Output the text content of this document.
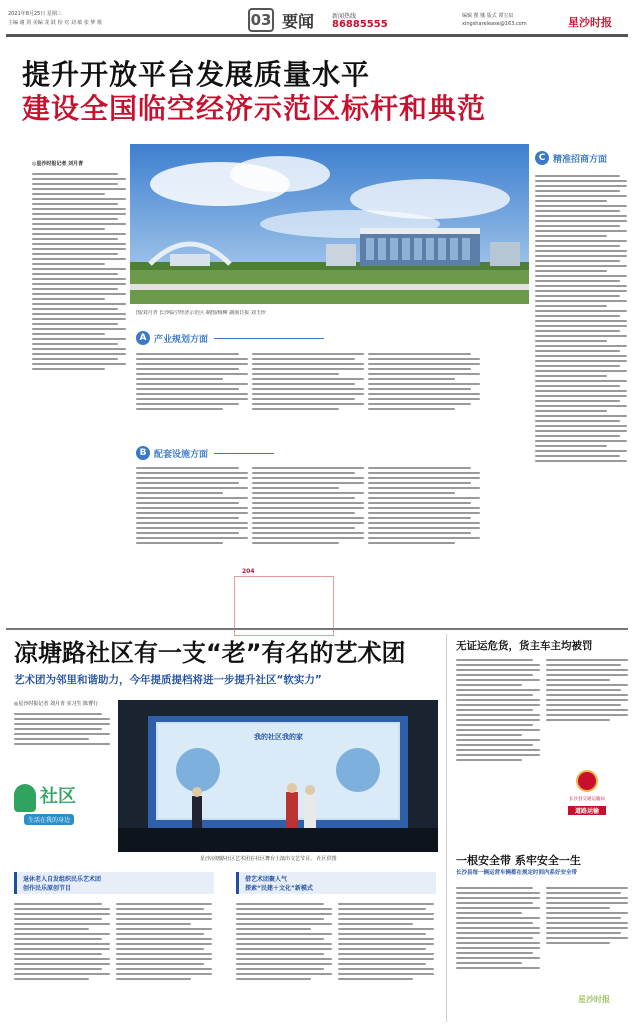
2021年8月25日 星期三
主编 谢 剑 美编 龙 跃 校 对 刘 敏 张 梦 歌	03 要闻	新闻热线
86885555
编辑 瞿 娜 版式 谭宝泉
xingsharelease@163.com	星沙时报
提升开放平台发展质量水平
建设全国临空经济示范区标杆和典范
◎星沙时报记者 刘月青
图/刘月青 长沙临空经济示范区 制图/杨柳 湖南日报 刘玉珍
A 产业规划方面
B 配套设施方面
204
C 精准招商方面
凉塘路社区有一支“老”有名的艺术团
艺术团为邻里和谐助力，今年提质提档将进一步提升社区“软实力”
◎星沙时报记者 刘月青 实习生 陈曹行
社区
生活在我的身边
我的社区我的家
星沙凉塘路社区艺术团在社区舞台上演出文艺节目。 社区供图
退休老人自发组织民乐艺术团
创作民乐原创节目
借艺术团聚人气
探索“民建＋文化”新模式
无证运危货，货主车主均被罚
长沙县交通运输局
道路运输
一根安全带 系牢安全一生
长沙县每一辆运营车辆都在规定时间内系好安全带
星沙时报
